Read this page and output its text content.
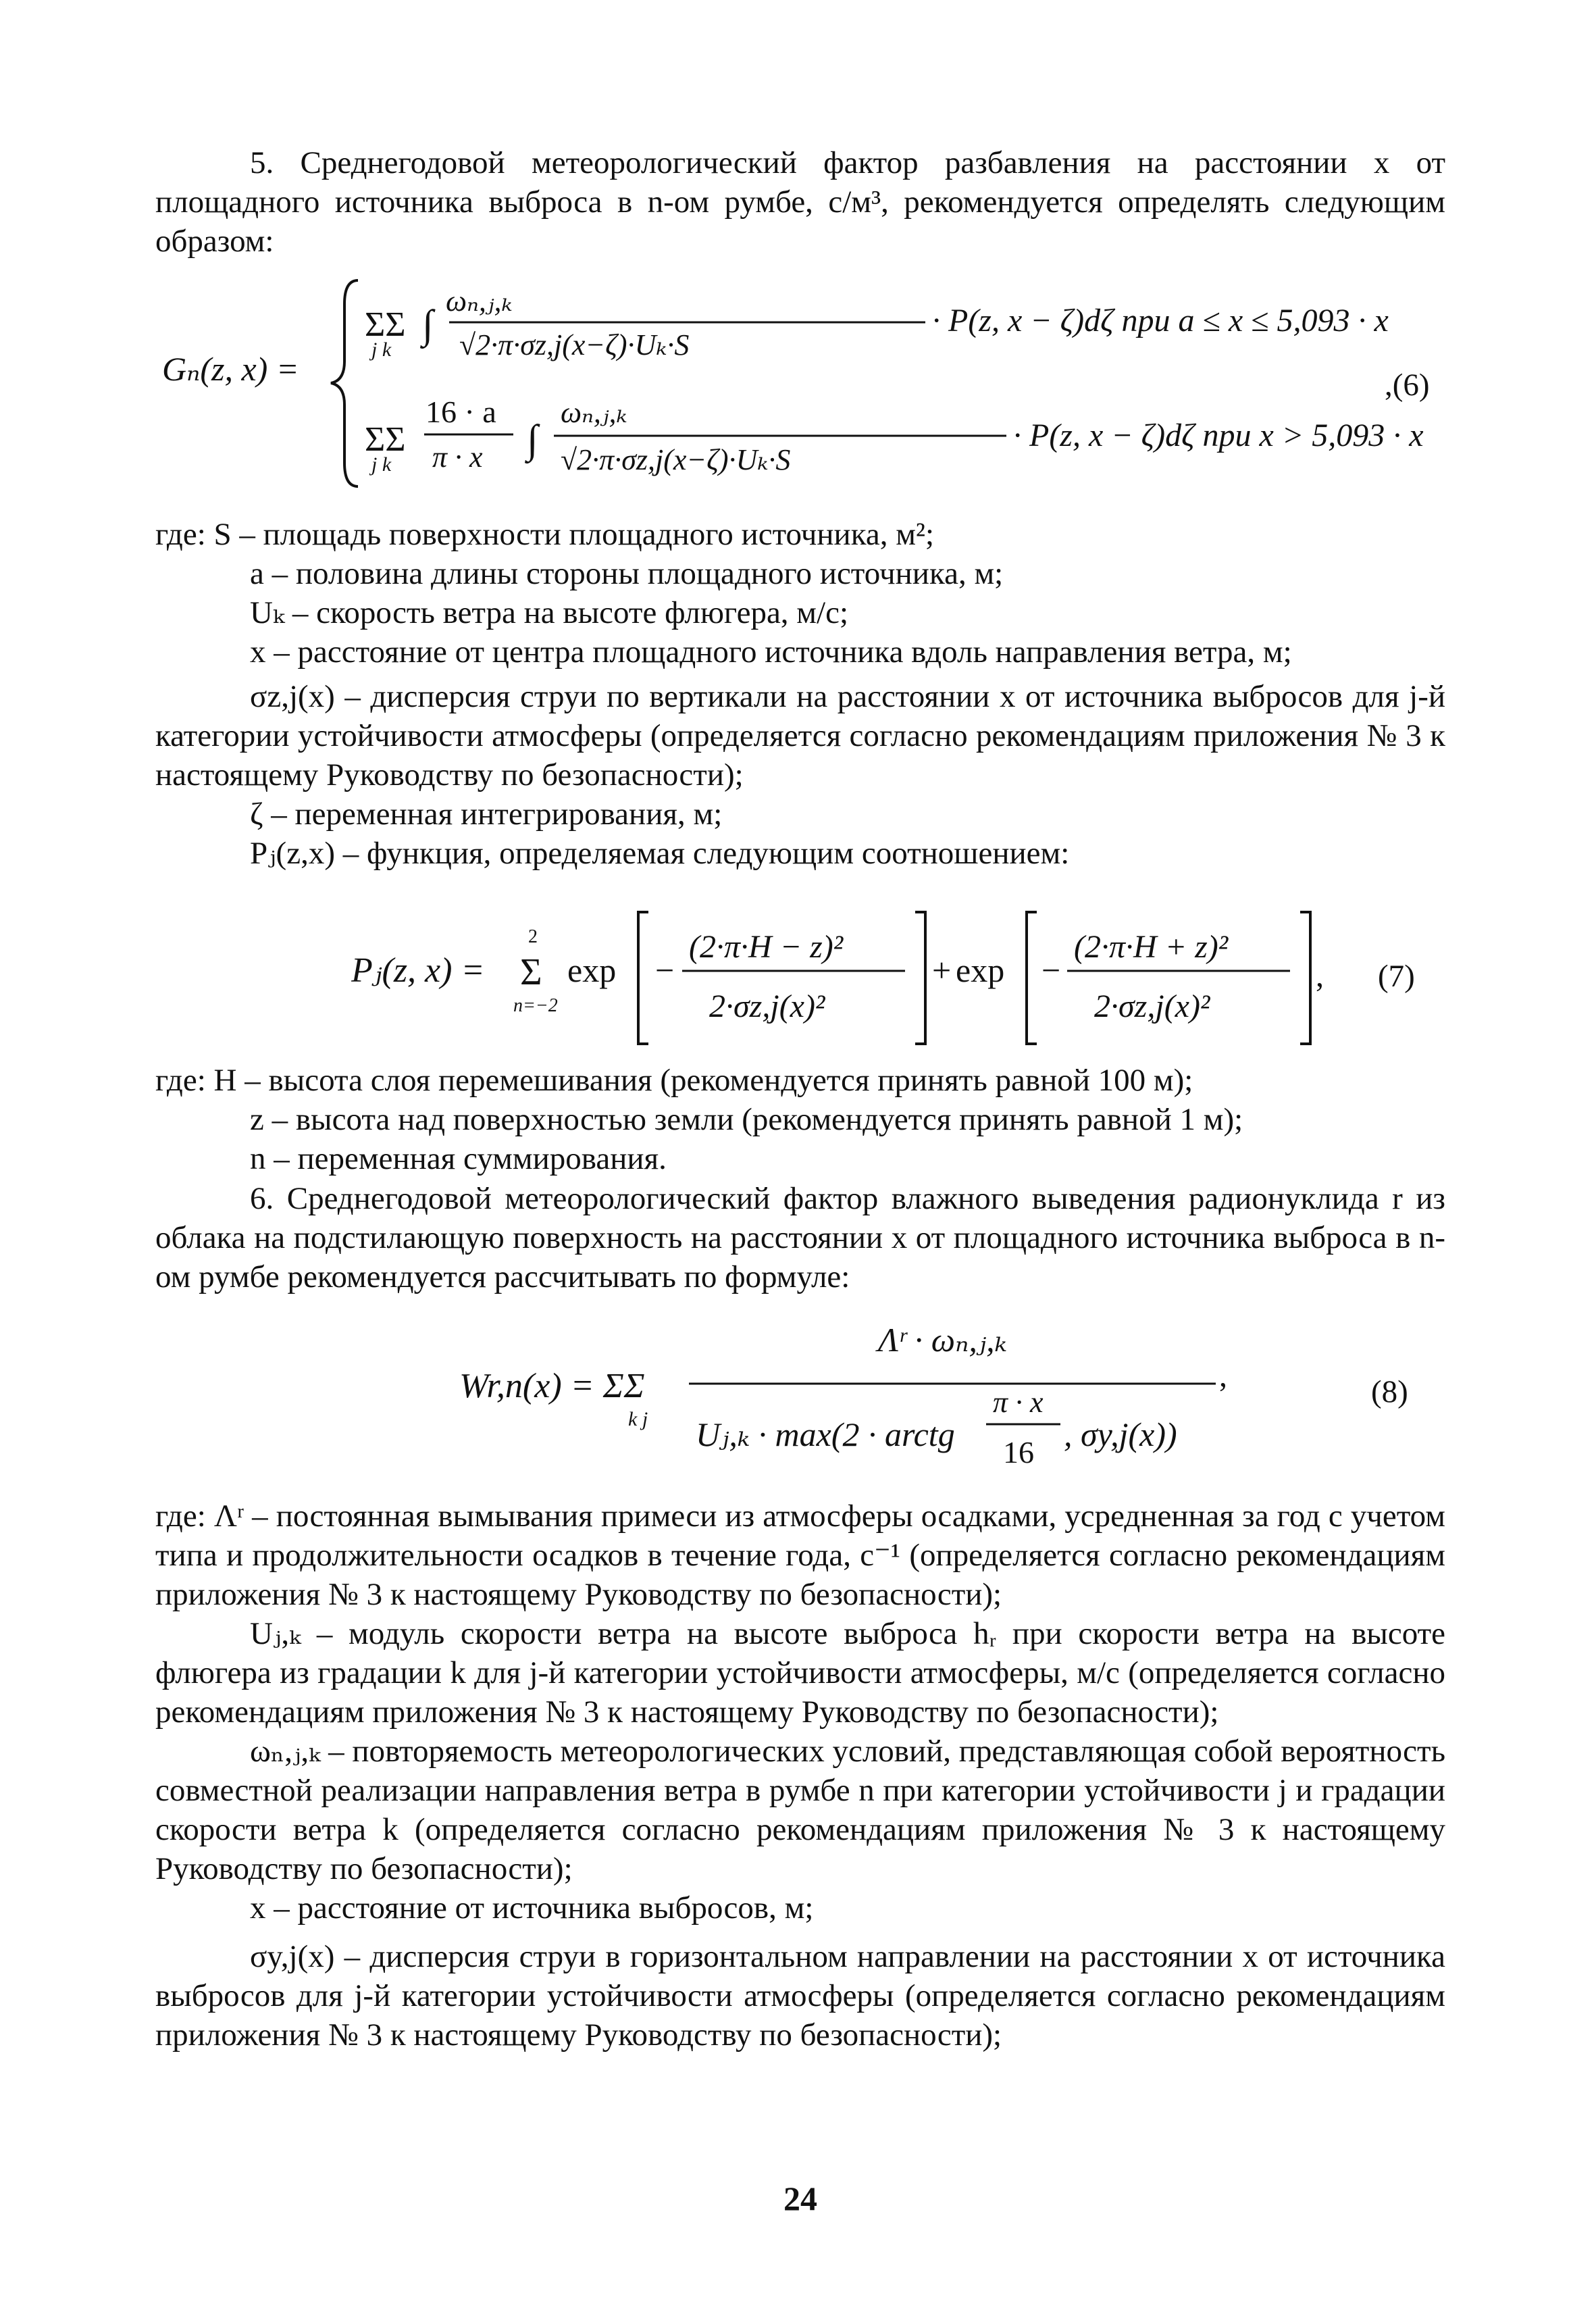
5. Среднегодовой метеорологический фактор разбавления на расстоянии x от площадного источника выброса в n-ом румбе, с/м³, рекомендуется определять следующим образом:

Gₙ(z, x) =
ΣΣ
j k
∫
ωₙ,ⱼ,ₖ
√2·π·σz,j(x−ζ)·Uₖ·S
· P(z, x − ζ)dζ при a ≤ x ≤ 5,093 · x
ΣΣ
j k
16 · a
π · x ∫
ωₙ,ⱼ,ₖ
√2·π·σz,j(x−ζ)·Uₖ·S
· P(z, x − ζ)dζ при x > 5,093 · x
,(6)

где: S – площадь поверхности площадного источника, м²;

a – половина длины стороны площадного источника, м;

Uₖ – скорость ветра на высоте флюгера, м/с;

x – расстояние от центра площадного источника вдоль направления ветра, м;

σz,j(x) – дисперсия струи по вертикали на расстоянии x от источника выбросов для j-й категории устойчивости атмосферы (определяется согласно рекомендациям приложения № 3 к настоящему Руководству по безопасности);

ζ – переменная интегрирования, м;

Pⱼ(z,x) – функция, определяемая следующим соотношением:

Pⱼ(z, x) =
2
Σ
n=−2
exp −
(2·π·H − z)²
2·σz,j(x)²
+ exp −
(2·π·H + z)²
2·σz,j(x)²
, (7)

где: H – высота слоя перемешивания (рекомендуется принять равной 100 м);

z – высота над поверхностью земли (рекомендуется принять равной 1 м);

n – переменная суммирования.

6. Среднегодовой метеорологический фактор влажного выведения радионуклида r из облака на подстилающую поверхность на расстоянии x от площадного источника выброса в n-ом румбе рекомендуется рассчитывать по формуле:

Wr,n(x) = ΣΣ
k j
Λʳ · ωₙ,ⱼ,ₖ
,
Uⱼ,ₖ · max(2 · arctg
π · x
16 , σy,j(x))
(8)

где: Λʳ – постоянная вымывания примеси из атмосферы осадками, усредненная за год с учетом типа и продолжительности осадков в течение года, с⁻¹ (определяется согласно рекомендациям приложения № 3 к настоящему Руководству по безопасности);

Uⱼ,ₖ – модуль скорости ветра на высоте выброса hᵣ при скорости ветра на высоте флюгера из градации k для j-й категории устойчивости атмосферы, м/с (определяется согласно рекомендациям приложения № 3 к настоящему Руководству по безопасности);

ωₙ,ⱼ,ₖ – повторяемость метеорологических условий, представляющая собой вероятность совместной реализации направления ветра в румбе n при категории устойчивости j и градации скорости ветра k (определяется согласно рекомендациям приложения № 3 к настоящему Руководству по безопасности);

x – расстояние от источника выбросов, м;

σy,j(x) – дисперсия струи в горизонтальном направлении на расстоянии x от источника выбросов для j-й категории устойчивости атмосферы (определяется согласно рекомендациям приложения № 3 к настоящему Руководству по безопасности);

24
